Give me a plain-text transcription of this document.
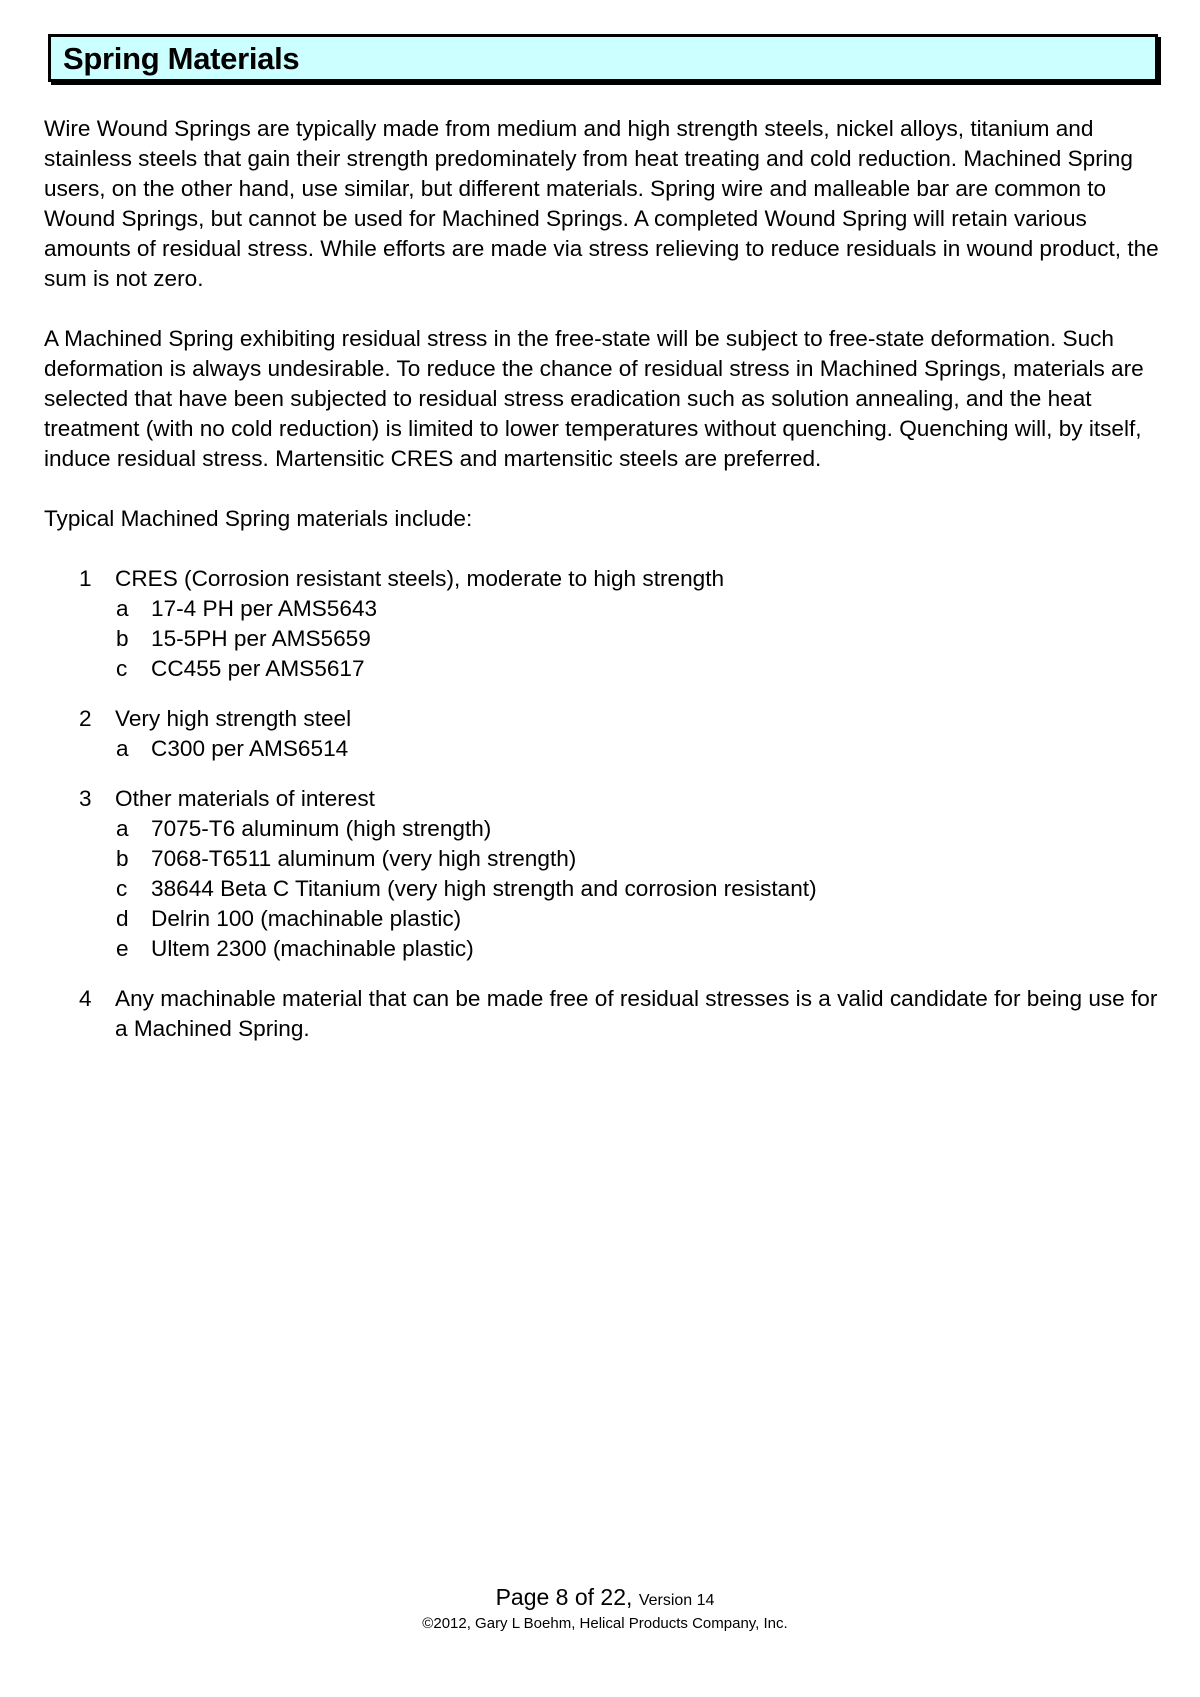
Spring Materials

Wire Wound Springs are typically made from medium and high strength steels, nickel alloys, titanium and stainless steels that gain their strength predominately from heat treating and cold reduction. Machined Spring users, on the other hand, use similar, but different materials. Spring wire and malleable bar are common to Wound Springs, but cannot be used for Machined Springs. A completed Wound Spring will retain various amounts of residual stress. While efforts are made via stress relieving to reduce residuals in wound product, the sum is not zero.

A Machined Spring exhibiting residual stress in the free-state will be subject to free-state deformation. Such deformation is always undesirable. To reduce the chance of residual stress in Machined Springs, materials are selected that have been subjected to residual stress eradication such as solution annealing, and the heat treatment (with no cold reduction) is limited to lower temperatures without quenching. Quenching will, by itself, induce residual stress. Martensitic CRES and martensitic steels are preferred.

Typical Machined Spring materials include:

1 CRES (Corrosion resistant steels), moderate to high strength
a 17-4 PH per AMS5643
b 15-5PH per AMS5659
c CC455 per AMS5617
2 Very high strength steel
a C300 per AMS6514
3 Other materials of interest
a 7075-T6 aluminum (high strength)
b 7068-T6511 aluminum (very high strength)
c 38644 Beta C Titanium (very high strength and corrosion resistant)
d Delrin 100 (machinable plastic)
e Ultem 2300 (machinable plastic)
4 Any machinable material that can be made free of residual stresses is a valid candidate for being use for a Machined Spring.
Page 8 of 22, Version 14
©2012, Gary L Boehm, Helical Products Company, Inc.
